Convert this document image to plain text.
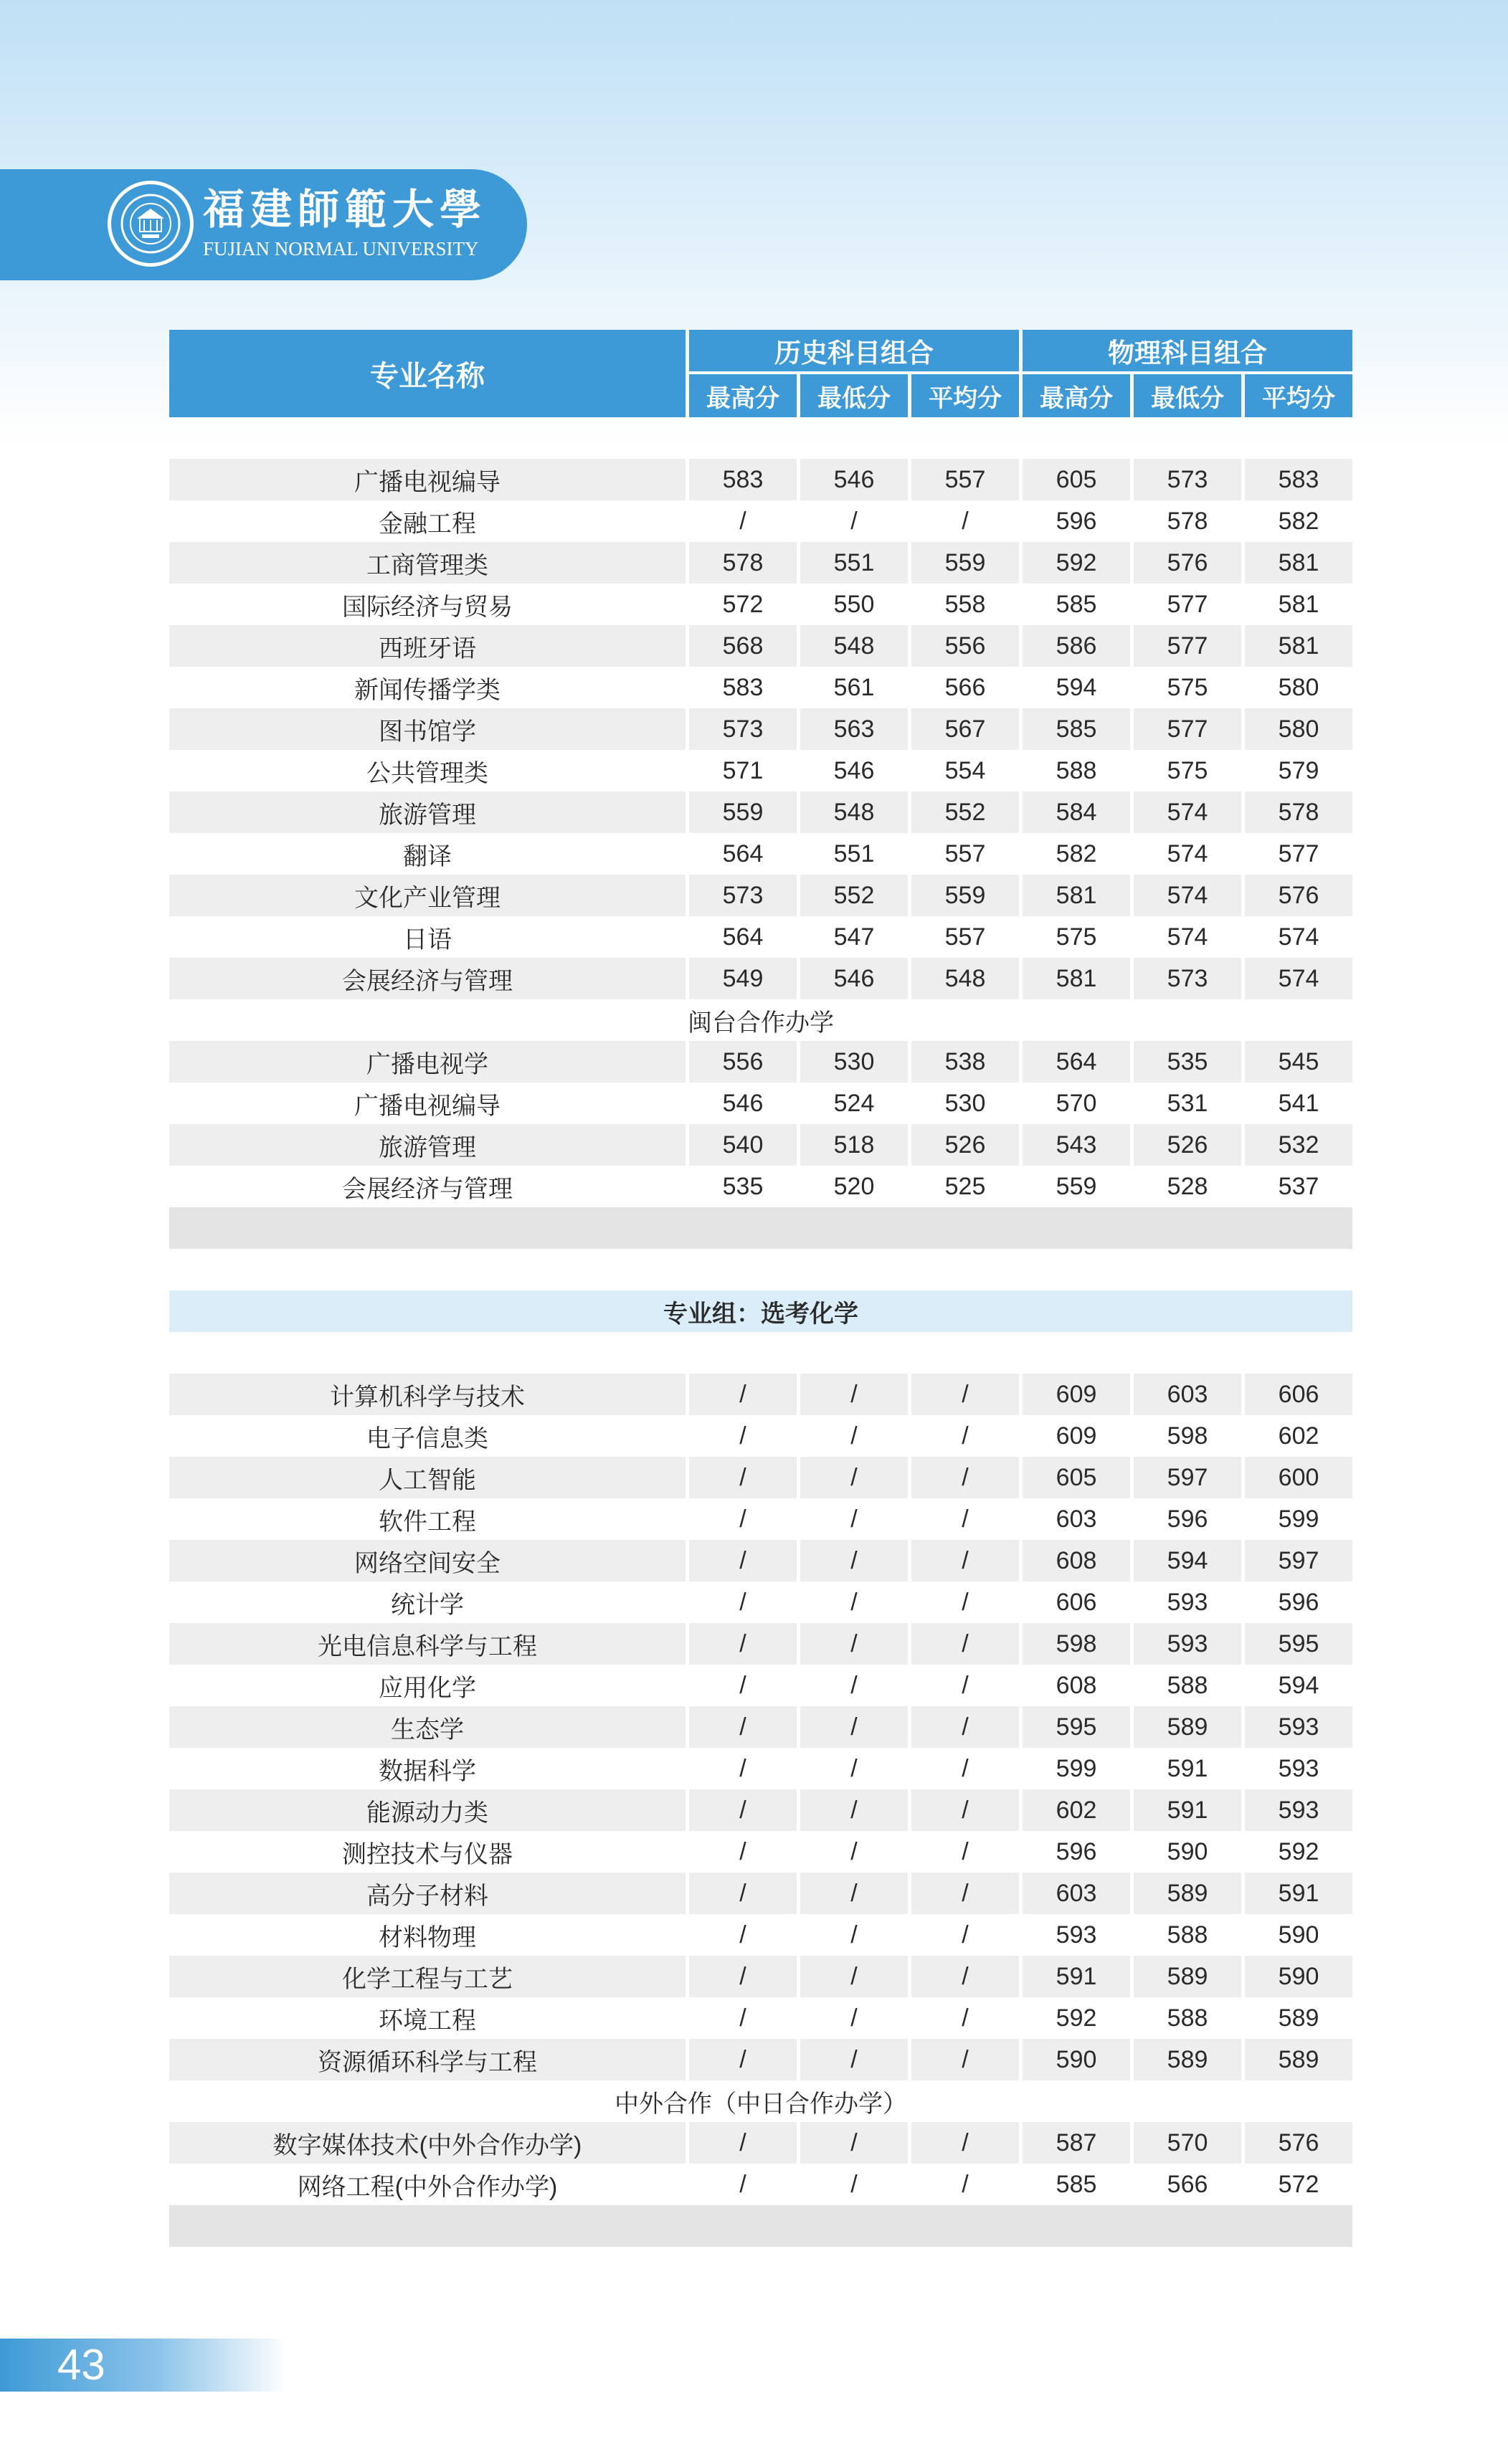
福建師範大學
FUJIAN NORMAL UNIVERSITY
专业名称	历史科目组合			物理科目组合		
	最高分	最低分	平均分	最高分	最低分	平均分

广播电视编导	583	546	557	605	573	583
金融工程	/	/	/	596	578	582
工商管理类	578	551	559	592	576	581
国际经济与贸易	572	550	558	585	577	581
西班牙语	568	548	556	586	577	581
新闻传播学类	583	561	566	594	575	580
图书馆学	573	563	567	585	577	580
公共管理类	571	546	554	588	575	579
旅游管理	559	548	552	584	574	578
翻译	564	551	557	582	574	577
文化产业管理	573	552	559	581	574	576
日语	564	547	557	575	574	574
会展经济与管理	549	546	548	581	573	574
闽台合作办学						
广播电视学	556	530	538	564	535	545
广播电视编导	546	524	530	570	531	541
旅游管理	540	518	526	543	526	532
会展经济与管理	535	520	525	559	528	537

专业组：选考化学						

计算机科学与技术	/	/	/	609	603	606
电子信息类	/	/	/	609	598	602
人工智能	/	/	/	605	597	600
软件工程	/	/	/	603	596	599
网络空间安全	/	/	/	608	594	597
统计学	/	/	/	606	593	596
光电信息科学与工程	/	/	/	598	593	595
应用化学	/	/	/	608	588	594
生态学	/	/	/	595	589	593
数据科学	/	/	/	599	591	593
能源动力类	/	/	/	602	591	593
测控技术与仪器	/	/	/	596	590	592
高分子材料	/	/	/	603	589	591
材料物理	/	/	/	593	588	590
化学工程与工艺	/	/	/	591	589	590
环境工程	/	/	/	592	588	589
资源循环科学与工程	/	/	/	590	589	589
中外合作（中日合作办学）						
数字媒体技术(中外合作办学)	/	/	/	587	570	576
网络工程(中外合作办学)	/	/	/	585	566	572

43
